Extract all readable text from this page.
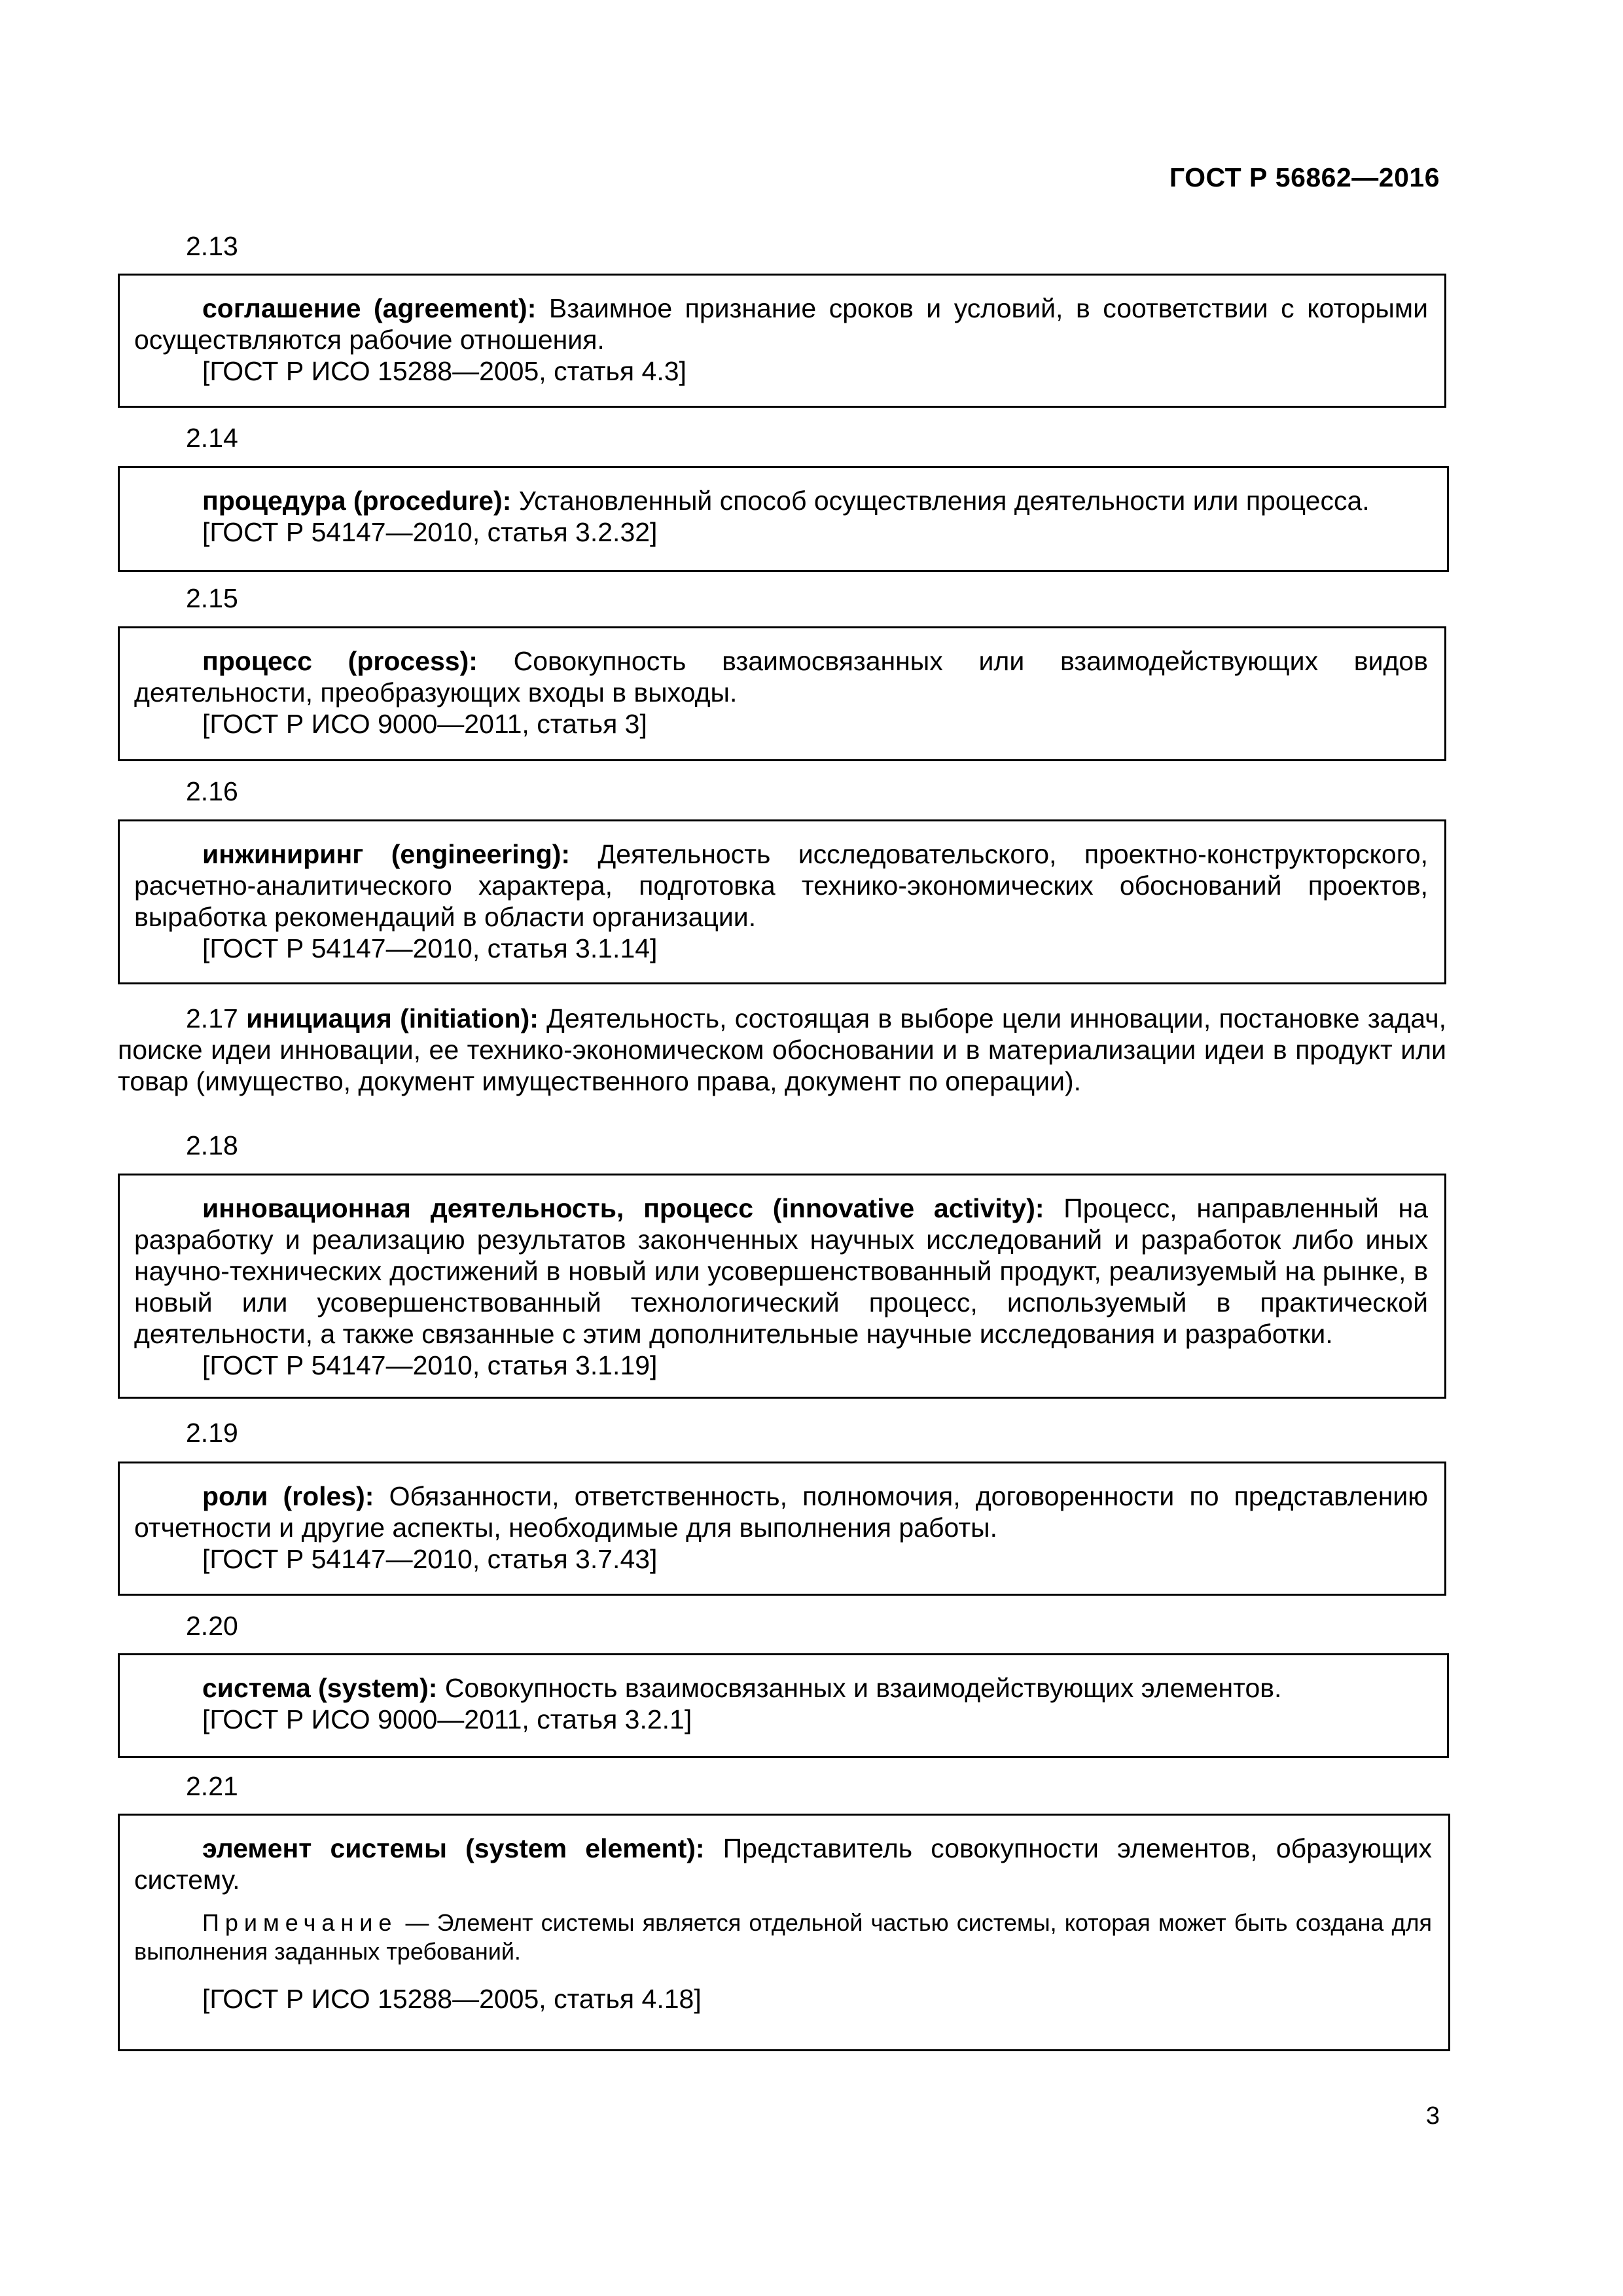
ГОСТ Р 56862—2016
2.13

соглашение (agreement): Взаимное признание сроков и условий, в соответствии с которыми осуществляются рабочие отношения.

[ГОСТ Р ИСО 15288—2005, статья 4.3]

2.14

процедура (procedure): Установленный способ осуществления деятельности или процесса.

[ГОСТ Р 54147—2010, статья 3.2.32]

2.15

процесс (process): Совокупность взаимосвязанных или взаимодействующих видов деятельности, преобразующих входы в выходы.

[ГОСТ Р ИСО 9000—2011, статья 3]

2.16

инжиниринг (engineering): Деятельность исследовательского, проектно-конструкторского, расчетно-аналитического характера, подготовка технико-экономических обоснований проектов, выработка рекомендаций в области организации.

[ГОСТ Р 54147—2010, статья 3.1.14]

2.17 инициация (initiation): Деятельность, состоящая в выборе цели инновации, постановке задач, поиске идеи инновации, ее технико-экономическом обосновании и в материализации идеи в продукт или товар (имущество, документ имущественного права, документ по операции).

2.18

инновационная деятельность, процесс (innovative activity): Процесс, направленный на разработку и реализацию результатов законченных научных исследований и разработок либо иных научно-технических достижений в новый или усовершенствованный продукт, реализуемый на рынке, в новый или усовершенствованный технологический процесс, используемый в практической деятельности, а также связанные с этим дополнительные научные исследования и разработки.

[ГОСТ Р 54147—2010, статья 3.1.19]

2.19

роли (roles): Обязанности, ответственность, полномочия, договоренности по представлению отчетности и другие аспекты, необходимые для выполнения работы.

[ГОСТ Р 54147—2010, статья 3.7.43]

2.20

система (system): Совокупность взаимосвязанных и взаимодействующих элементов.

[ГОСТ Р ИСО 9000—2011, статья 3.2.1]

2.21

элемент системы (system element): Представитель совокупности элементов, образующих систему.

Примечание — Элемент системы является отдельной частью системы, которая может быть создана для выполнения заданных требований.

[ГОСТ Р ИСО 15288—2005, статья 4.18]

3
